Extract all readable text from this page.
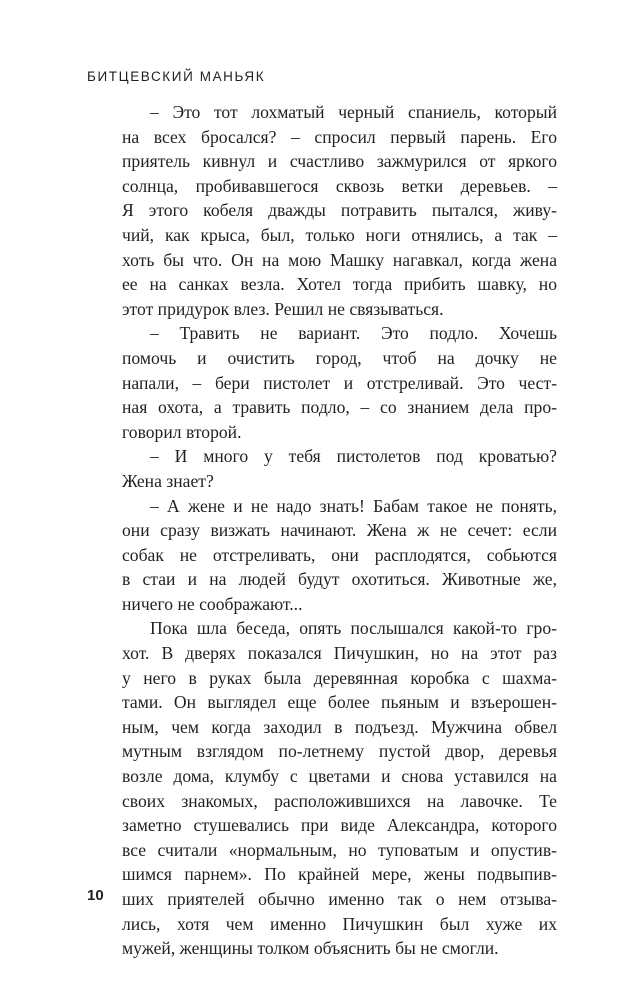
БИТЦЕВСКИЙ МАНЬЯК
– Это тот лохматый черный спаниель, который
на всех бросался? – спросил первый парень. Его
приятель кивнул и счастливо зажмурился от яркого
солнца, пробивавшегося сквозь ветки деревьев. –
Я этого кобеля дважды потравить пытался, живу-
чий, как крыса, был, только ноги отнялись, а так –
хоть бы что. Он на мою Машку нагавкал, когда жена
ее на санках везла. Хотел тогда прибить шавку, но
этот придурок влез. Решил не связываться.
– Травить не вариант. Это подло. Хочешь
помочь и очистить город, чтоб на дочку не
напали, – бери пистолет и отстреливай. Это чест-
ная охота, а травить подло, – со знанием дела про-
говорил второй.
– И много у тебя пистолетов под кроватью?
Жена знает?
– А жене и не надо знать! Бабам такое не понять,
они сразу визжать начинают. Жена ж не сечет: если
собак не отстреливать, они расплодятся, собьются
в стаи и на людей будут охотиться. Животные же,
ничего не соображают...
Пока шла беседа, опять послышался какой-то гро-
хот. В дверях показался Пичушкин, но на этот раз
у него в руках была деревянная коробка с шахма-
тами. Он выглядел еще более пьяным и взъерошен-
ным, чем когда заходил в подъезд. Мужчина обвел
мутным взглядом по-летнему пустой двор, деревья
возле дома, клумбу с цветами и снова уставился на
своих знакомых, расположившихся на лавочке. Те
заметно стушевались при виде Александра, которого
все считали «нормальным, но туповатым и опустив-
шимся парнем». По крайней мере, жены подвыпив-
ших приятелей обычно именно так о нем отзыва-
лись, хотя чем именно Пичушкин был хуже их
мужей, женщины толком объяснить бы не смогли.
10
